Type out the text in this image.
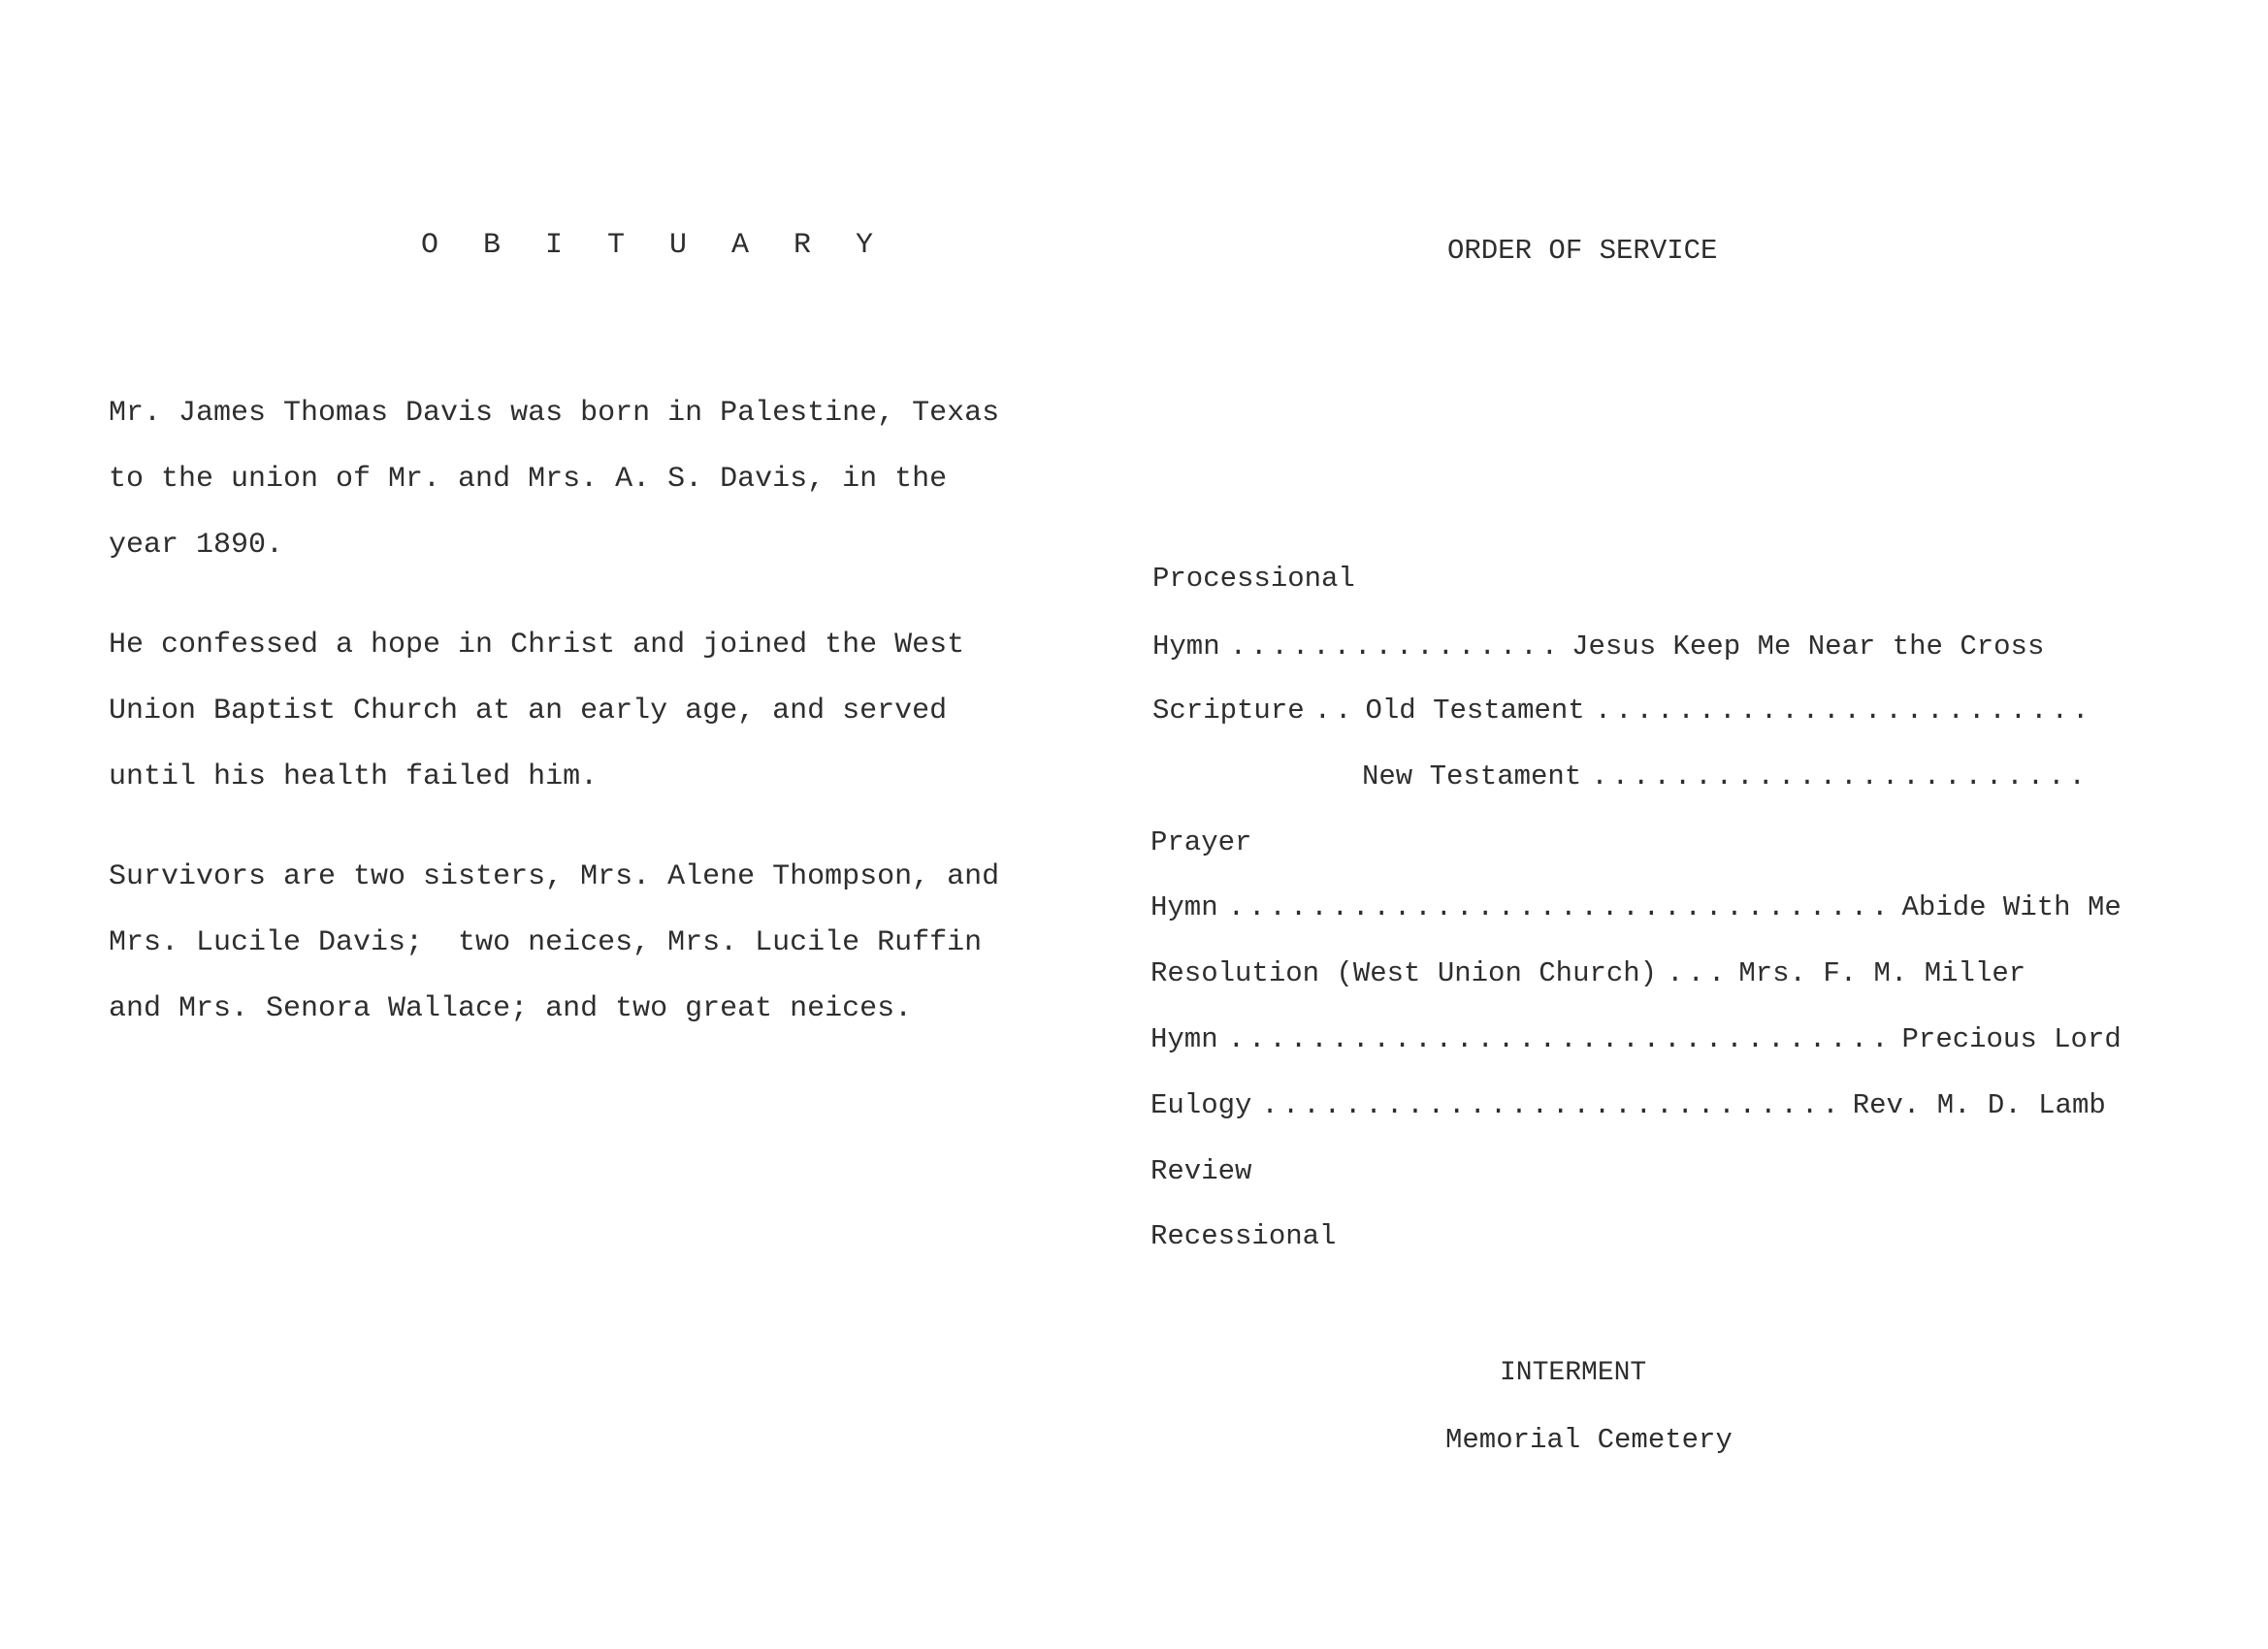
O B I T U A R Y
Mr. James Thomas Davis was born in Palestine, Texas
to the union of Mr. and Mrs. A. S. Davis, in the
year 1890.
He confessed a hope in Christ and joined the West
Union Baptist Church at an early age, and served
until his health failed him.
Survivors are two sisters, Mrs. Alene Thompson, and
Mrs. Lucile Davis;  two neices, Mrs. Lucile Ruffin
and Mrs. Senora Wallace; and two great neices.
ORDER OF SERVICE
Processional
Hymn ................ Jesus Keep Me Near the Cross
Scripture .. Old Testament ........................
New Testament ........................
Prayer
Hymn ................................ Abide With Me
Resolution (West Union Church) ... Mrs. F. M. Miller
Hymn ................................ Precious Lord
Eulogy ............................ Rev. M. D. Lamb
Review
Recessional
INTERMENT
Memorial Cemetery
